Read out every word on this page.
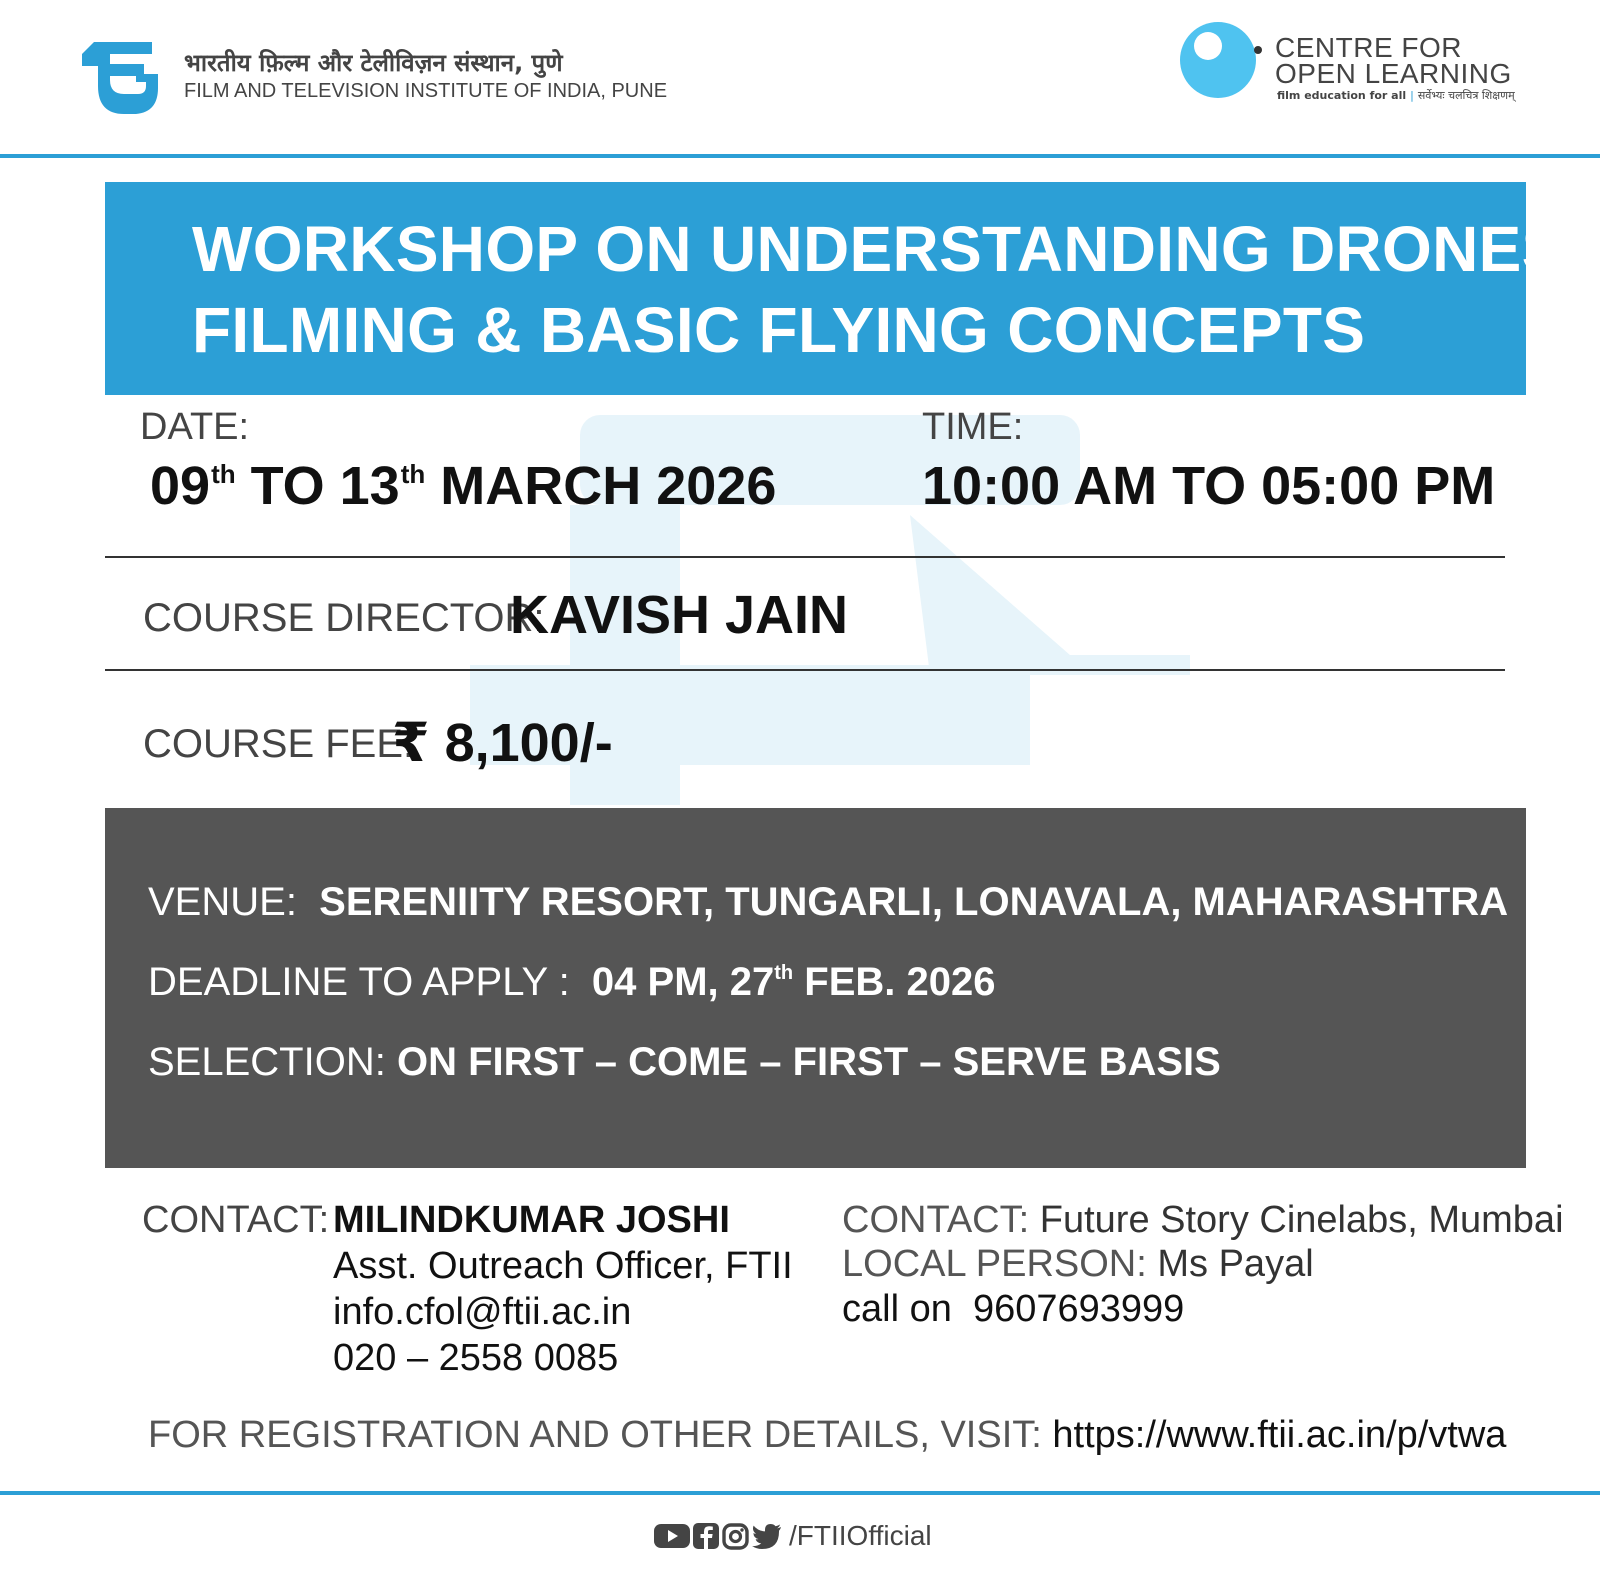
भारतीय फ़िल्म और टेलीविज़न संस्थान, पुणे
FILM AND TELEVISION INSTITUTE OF INDIA, PUNE
CENTRE FOR
OPEN LEARNING
film education for all | सर्वेभ्यः चलचित्र शिक्षणम्
WORKSHOP ON UNDERSTANDING DRONES
FILMING & BASIC FLYING CONCEPTS
DATE:
09th TO 13th MARCH 2026
TIME:
10:00 AM TO 05:00 PM
COURSE DIRECTOR:
KAVISH JAIN
COURSE FEE:
₹ 8,100/-
VENUE: SERENIITY RESORT, TUNGARLI, LONAVALA, MAHARASHTRA
DEADLINE TO APPLY : 04 PM, 27th FEB. 2026
SELECTION: ON FIRST – COME – FIRST – SERVE BASIS
CONTACT: MILINDKUMAR JOSHI
Asst. Outreach Officer, FTII
info.cfol@ftii.ac.in
020 – 2558 0085
CONTACT: Future Story Cinelabs, Mumbai
LOCAL PERSON: Ms Payal
call on 9607693999
FOR REGISTRATION AND OTHER DETAILS, VISIT: https://www.ftii.ac.in/p/vtwa
/FTIIOfficial
